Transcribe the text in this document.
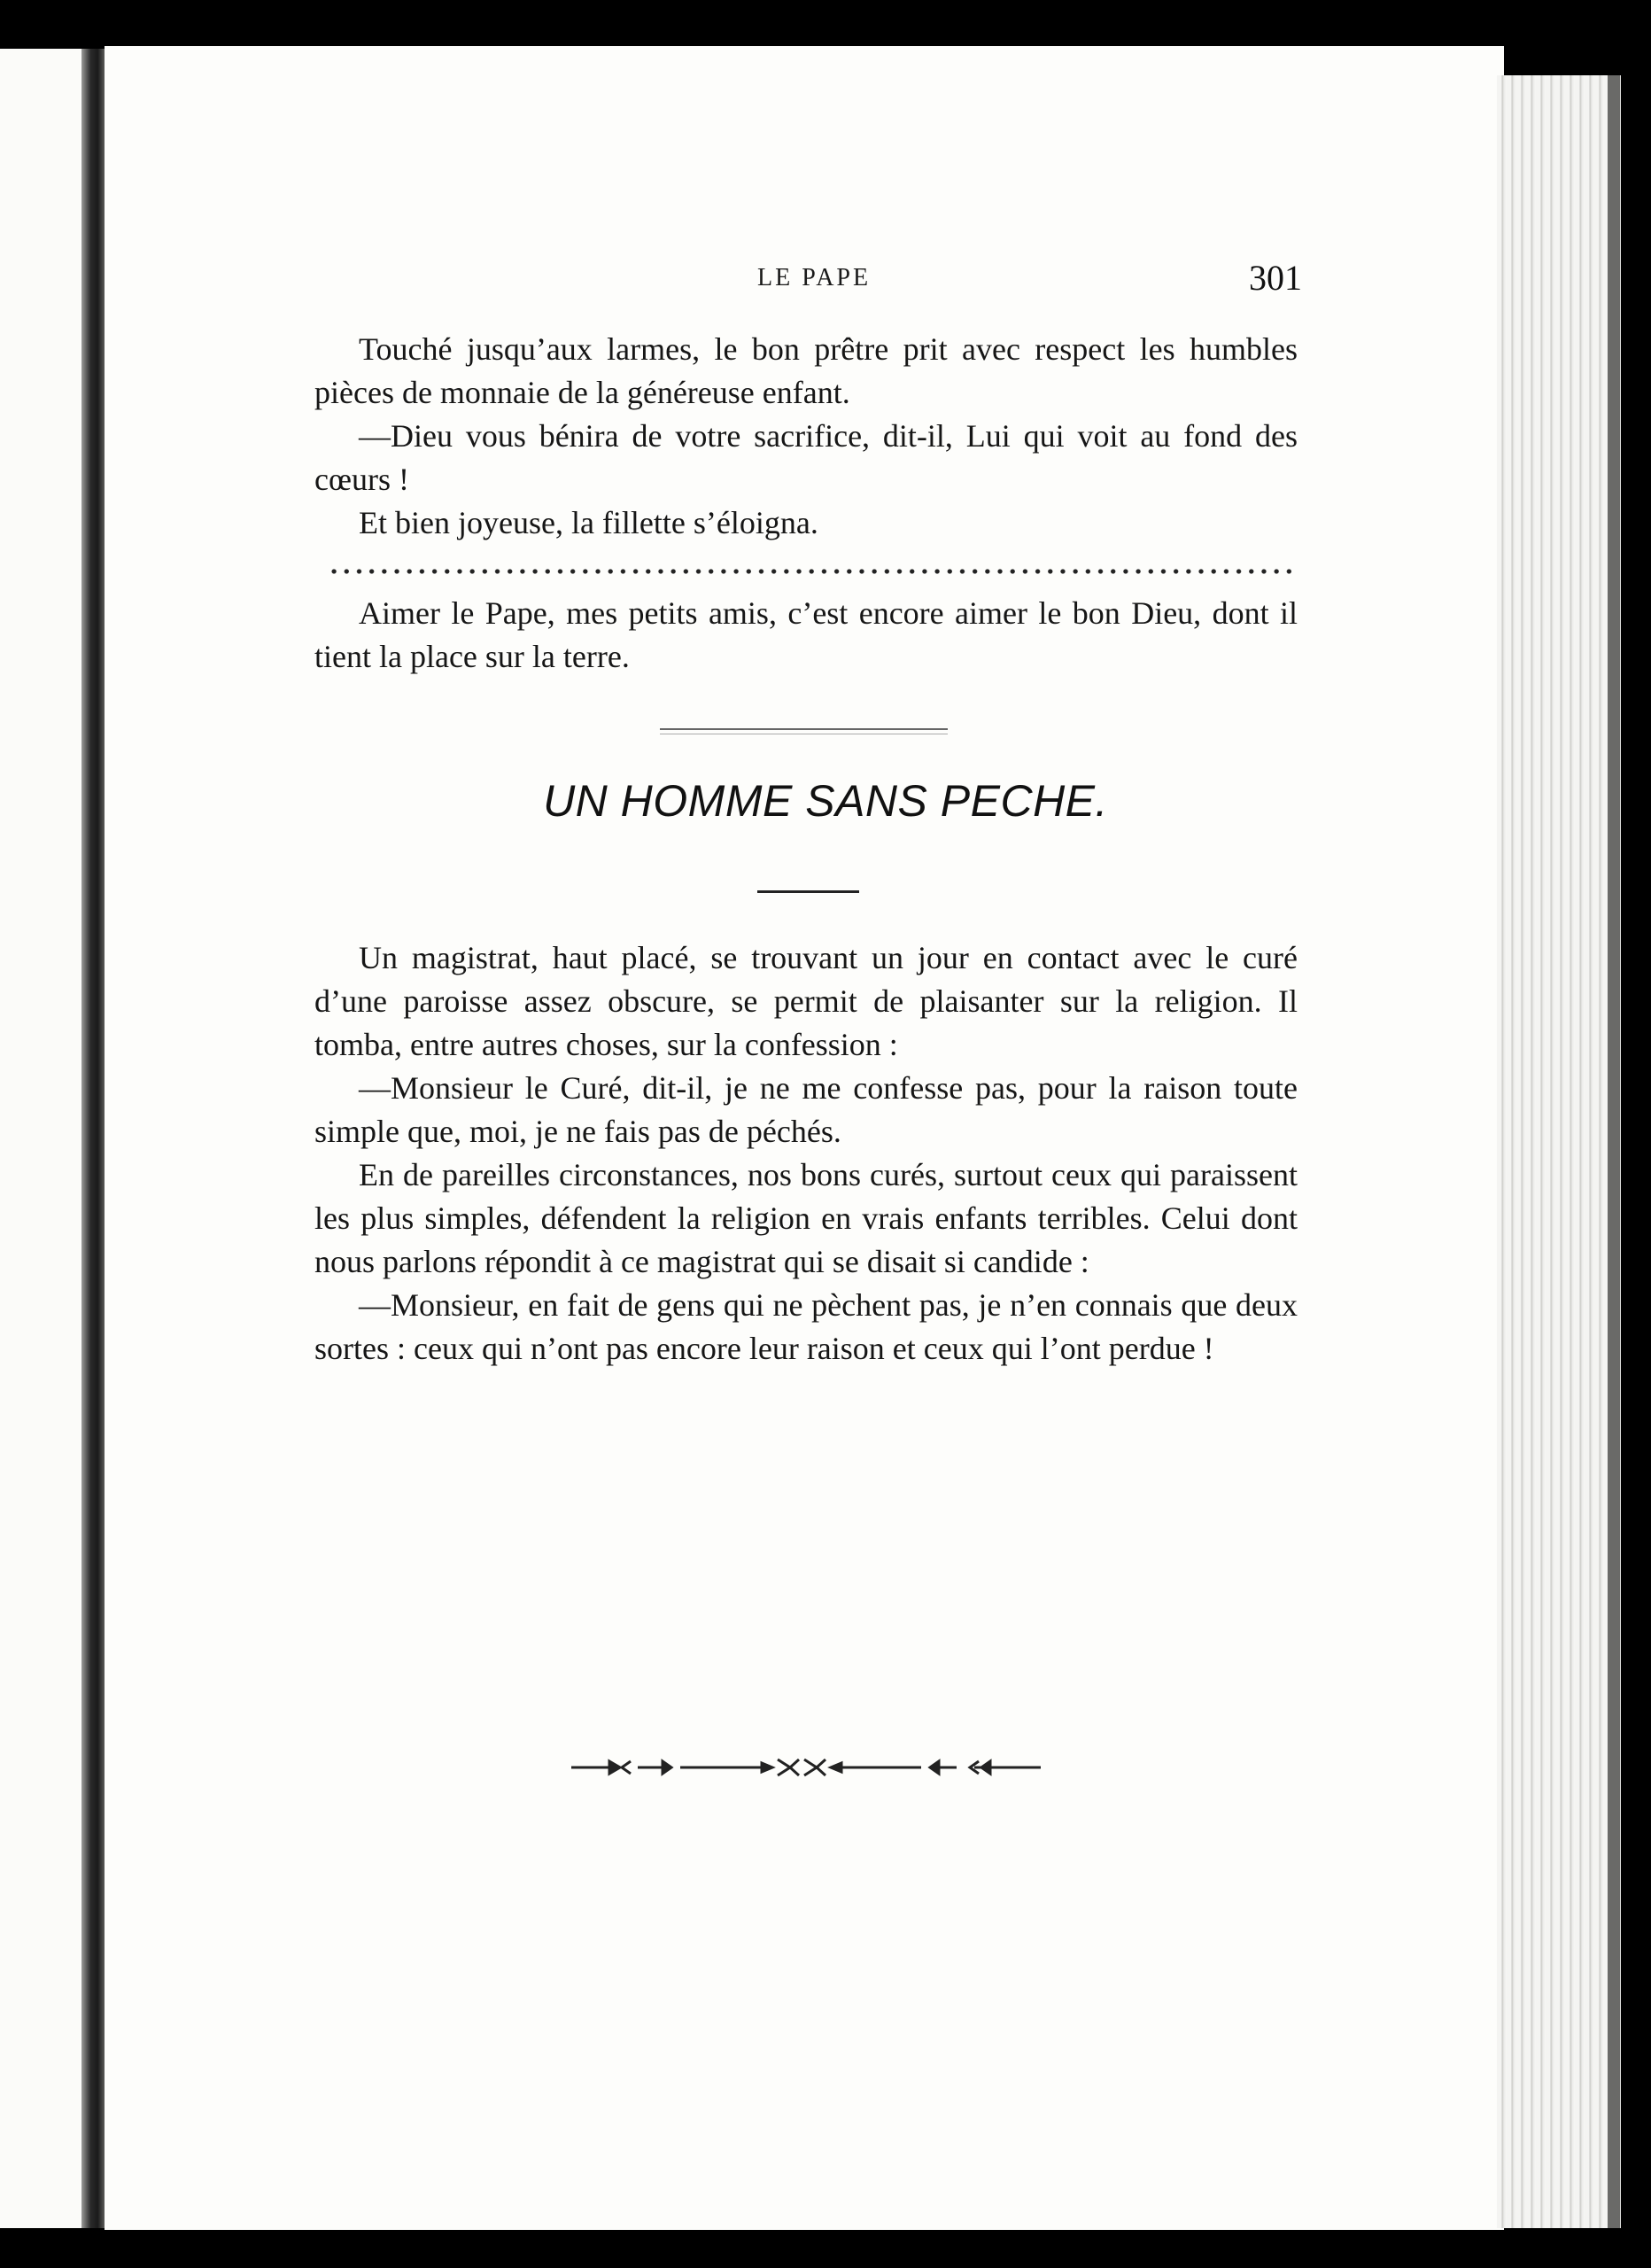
LE PAPE	301

Touché jusqu’aux larmes, le bon prêtre prit avec respect les humbles pièces de monnaie de la généreuse enfant.

—Dieu vous bénira de votre sacrifice, dit-il, Lui qui voit au fond des cœurs !

Et bien joyeuse, la fillette s’éloigna.

Aimer le Pape, mes petits amis, c’est encore aimer le bon Dieu, dont il tient la place sur la terre.

UN HOMME SANS PECHE.

Un magistrat, haut placé, se trouvant un jour en contact avec le curé d’une paroisse assez obscure, se permit de plaisanter sur la religion. Il tomba, entre autres choses, sur la confession :

—Monsieur le Curé, dit-il, je ne me confesse pas, pour la raison toute simple que, moi, je ne fais pas de péchés.

En de pareilles circonstances, nos bons curés, surtout ceux qui paraissent les plus simples, défendent la religion en vrais enfants terribles. Celui dont nous parlons répondit à ce magistrat qui se disait si candide :

—Monsieur, en fait de gens qui ne pèchent pas, je n’en connais que deux sortes : ceux qui n’ont pas encore leur raison et ceux qui l’ont perdue !
